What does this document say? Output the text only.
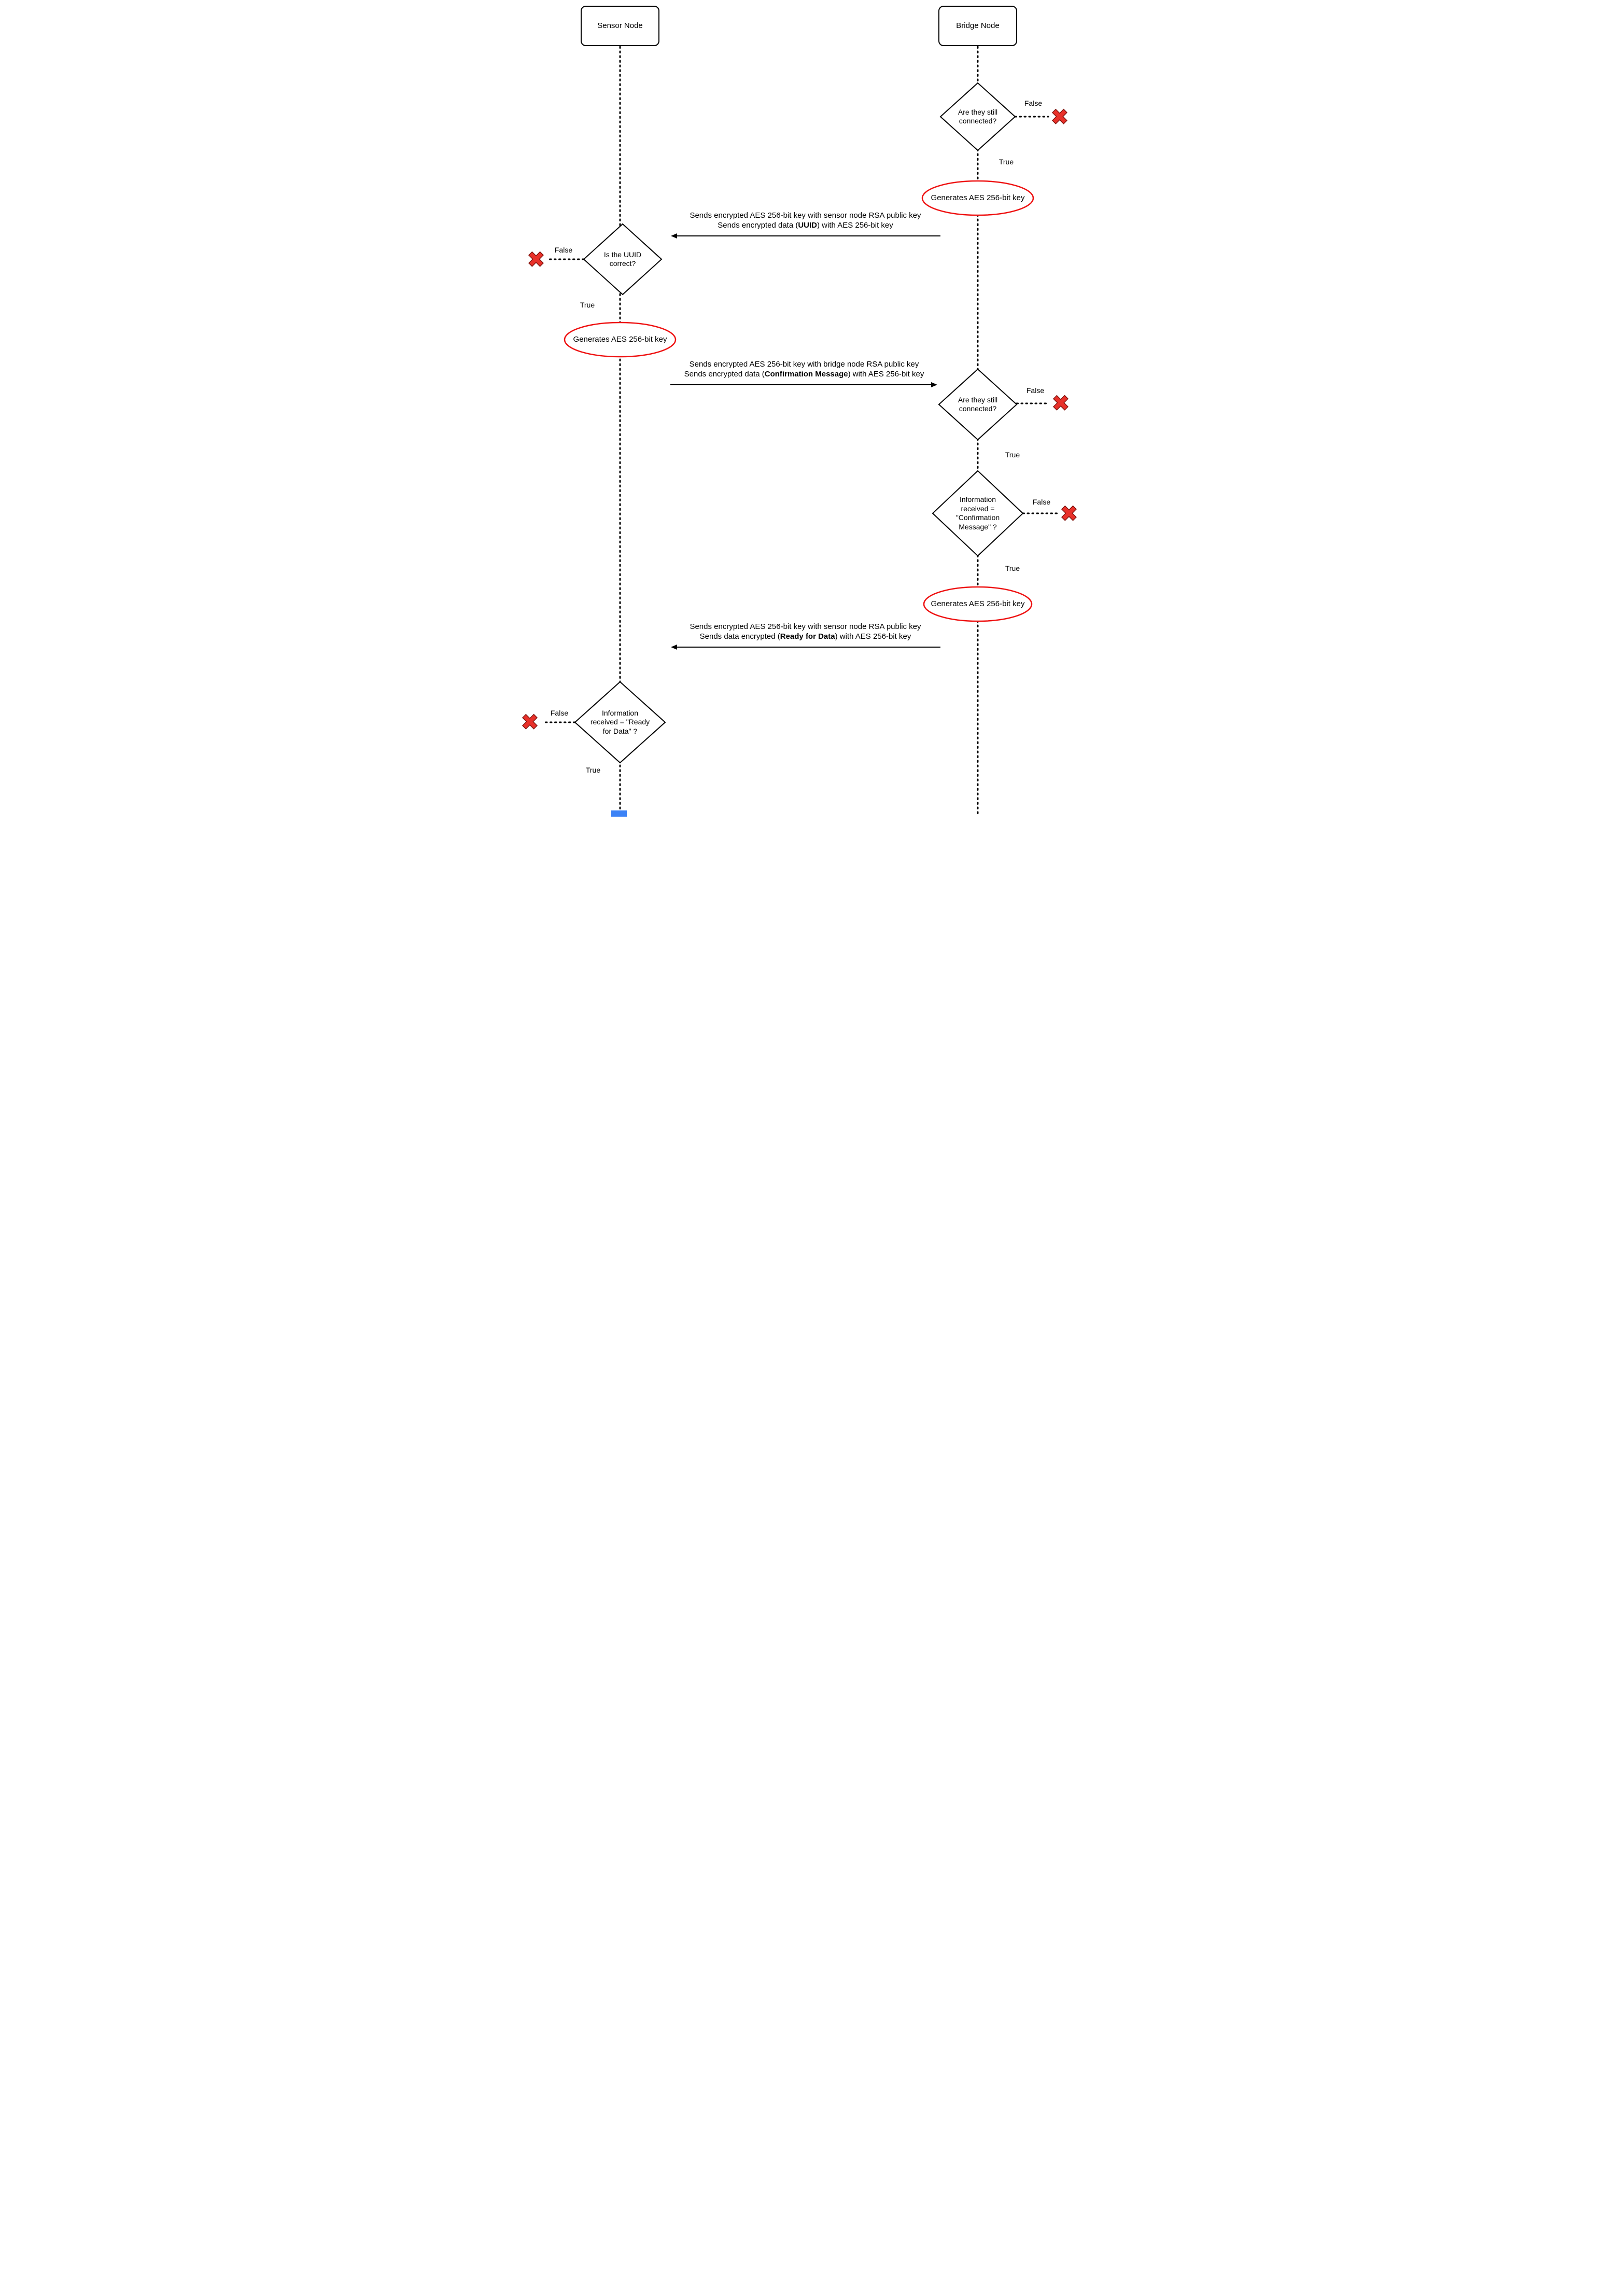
✖
✖
✖
✖
✖
Sensor Node	Bridge Node
Are they still connected?
Is the UUID correct?
Are they still connected?
Information received = "Confirmation Message" ?
Information received = "Ready for Data" ?
Generates AES 256-bit key
Generates AES 256-bit key
Generates AES 256-bit key
Sends encrypted AES 256-bit key with sensor node RSA public key
Sends encrypted data (UUID) with AES 256-bit key
Sends encrypted AES 256-bit key with bridge node RSA public key
Sends encrypted data (Confirmation Message) with AES 256-bit key
Sends encrypted AES 256-bit key with sensor node RSA public key
Sends data encrypted (Ready for Data) with AES 256-bit key
False
True
False
True
False
True
False
True
False
True
